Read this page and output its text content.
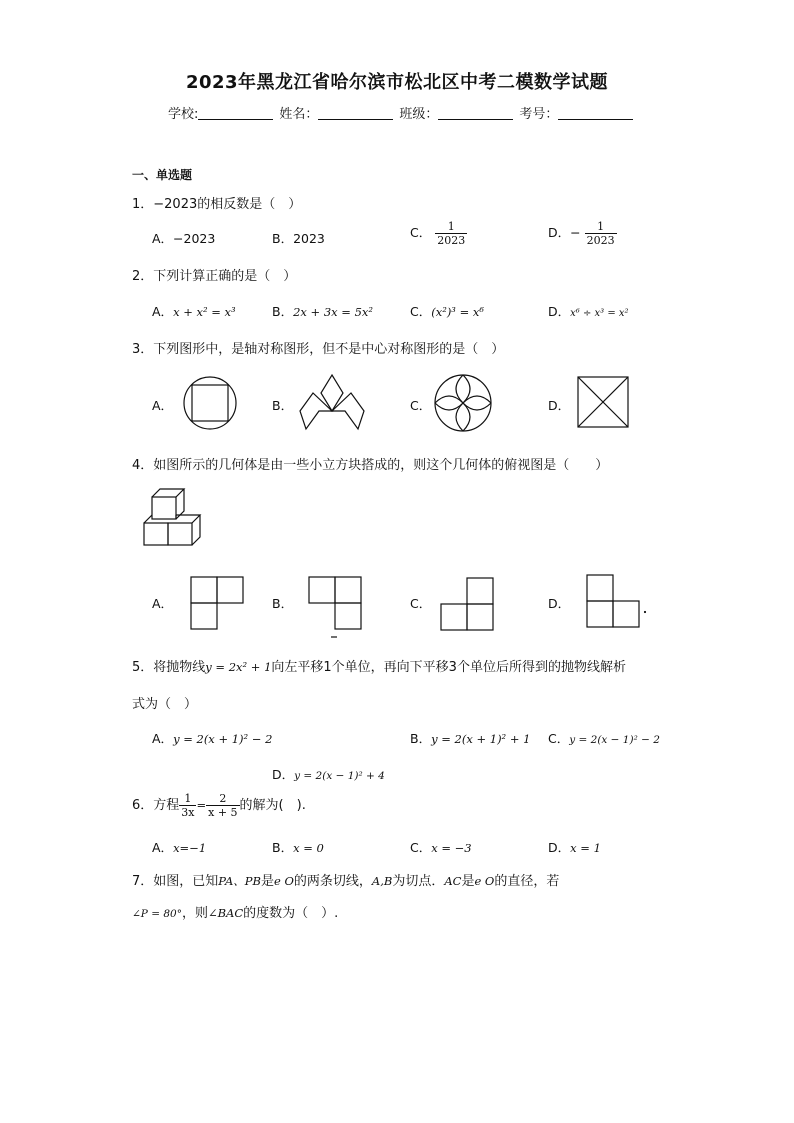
2023年黑龙江省哈尔滨市松北区中考二模数学试题
学校:	姓名：	班级：	考号：
一、单选题
1．−2023的相反数是（　）
A．−2023	B．2023	C． $\frac{1}{2023}$	D．− $\frac{1}{2023}$
2．下列计算正确的是（　）
A．x + x² = x³	B．2x + 3x = 5x²	C．(x²)³ = x⁶	D．x⁶ ÷ x³ = x²
3．下列图形中，是轴对称图形，但不是中心对称图形的是（　）
A．	B．	C．	D．
4．如图所示的几何体是由一些小立方块搭成的，则这个几何体的俯视图是（　　）
A．	B．	C．	D．
5．将抛物线y = 2x² + 1向左平移1个单位，再向下平移3个单位后所得到的抛物线解析
式为（　）
A．y = 2(x + 1)² − 2	B．y = 2(x + 1)² + 1 C．y = 2(x − 1)² − 2
D．y = 2(x − 1)² + 4
6．方程 $\frac{1}{3x} = \frac{2}{x + 5}$ 的解为(　).
A．x=−1	B．x = 0	C．x = −3	D．x = 1
7．如图，已知PA、PB是e O的两条切线，A,B为切点．AC是e O的直径，若
∠P = 80°，则∠BAC的度数为（　）.
